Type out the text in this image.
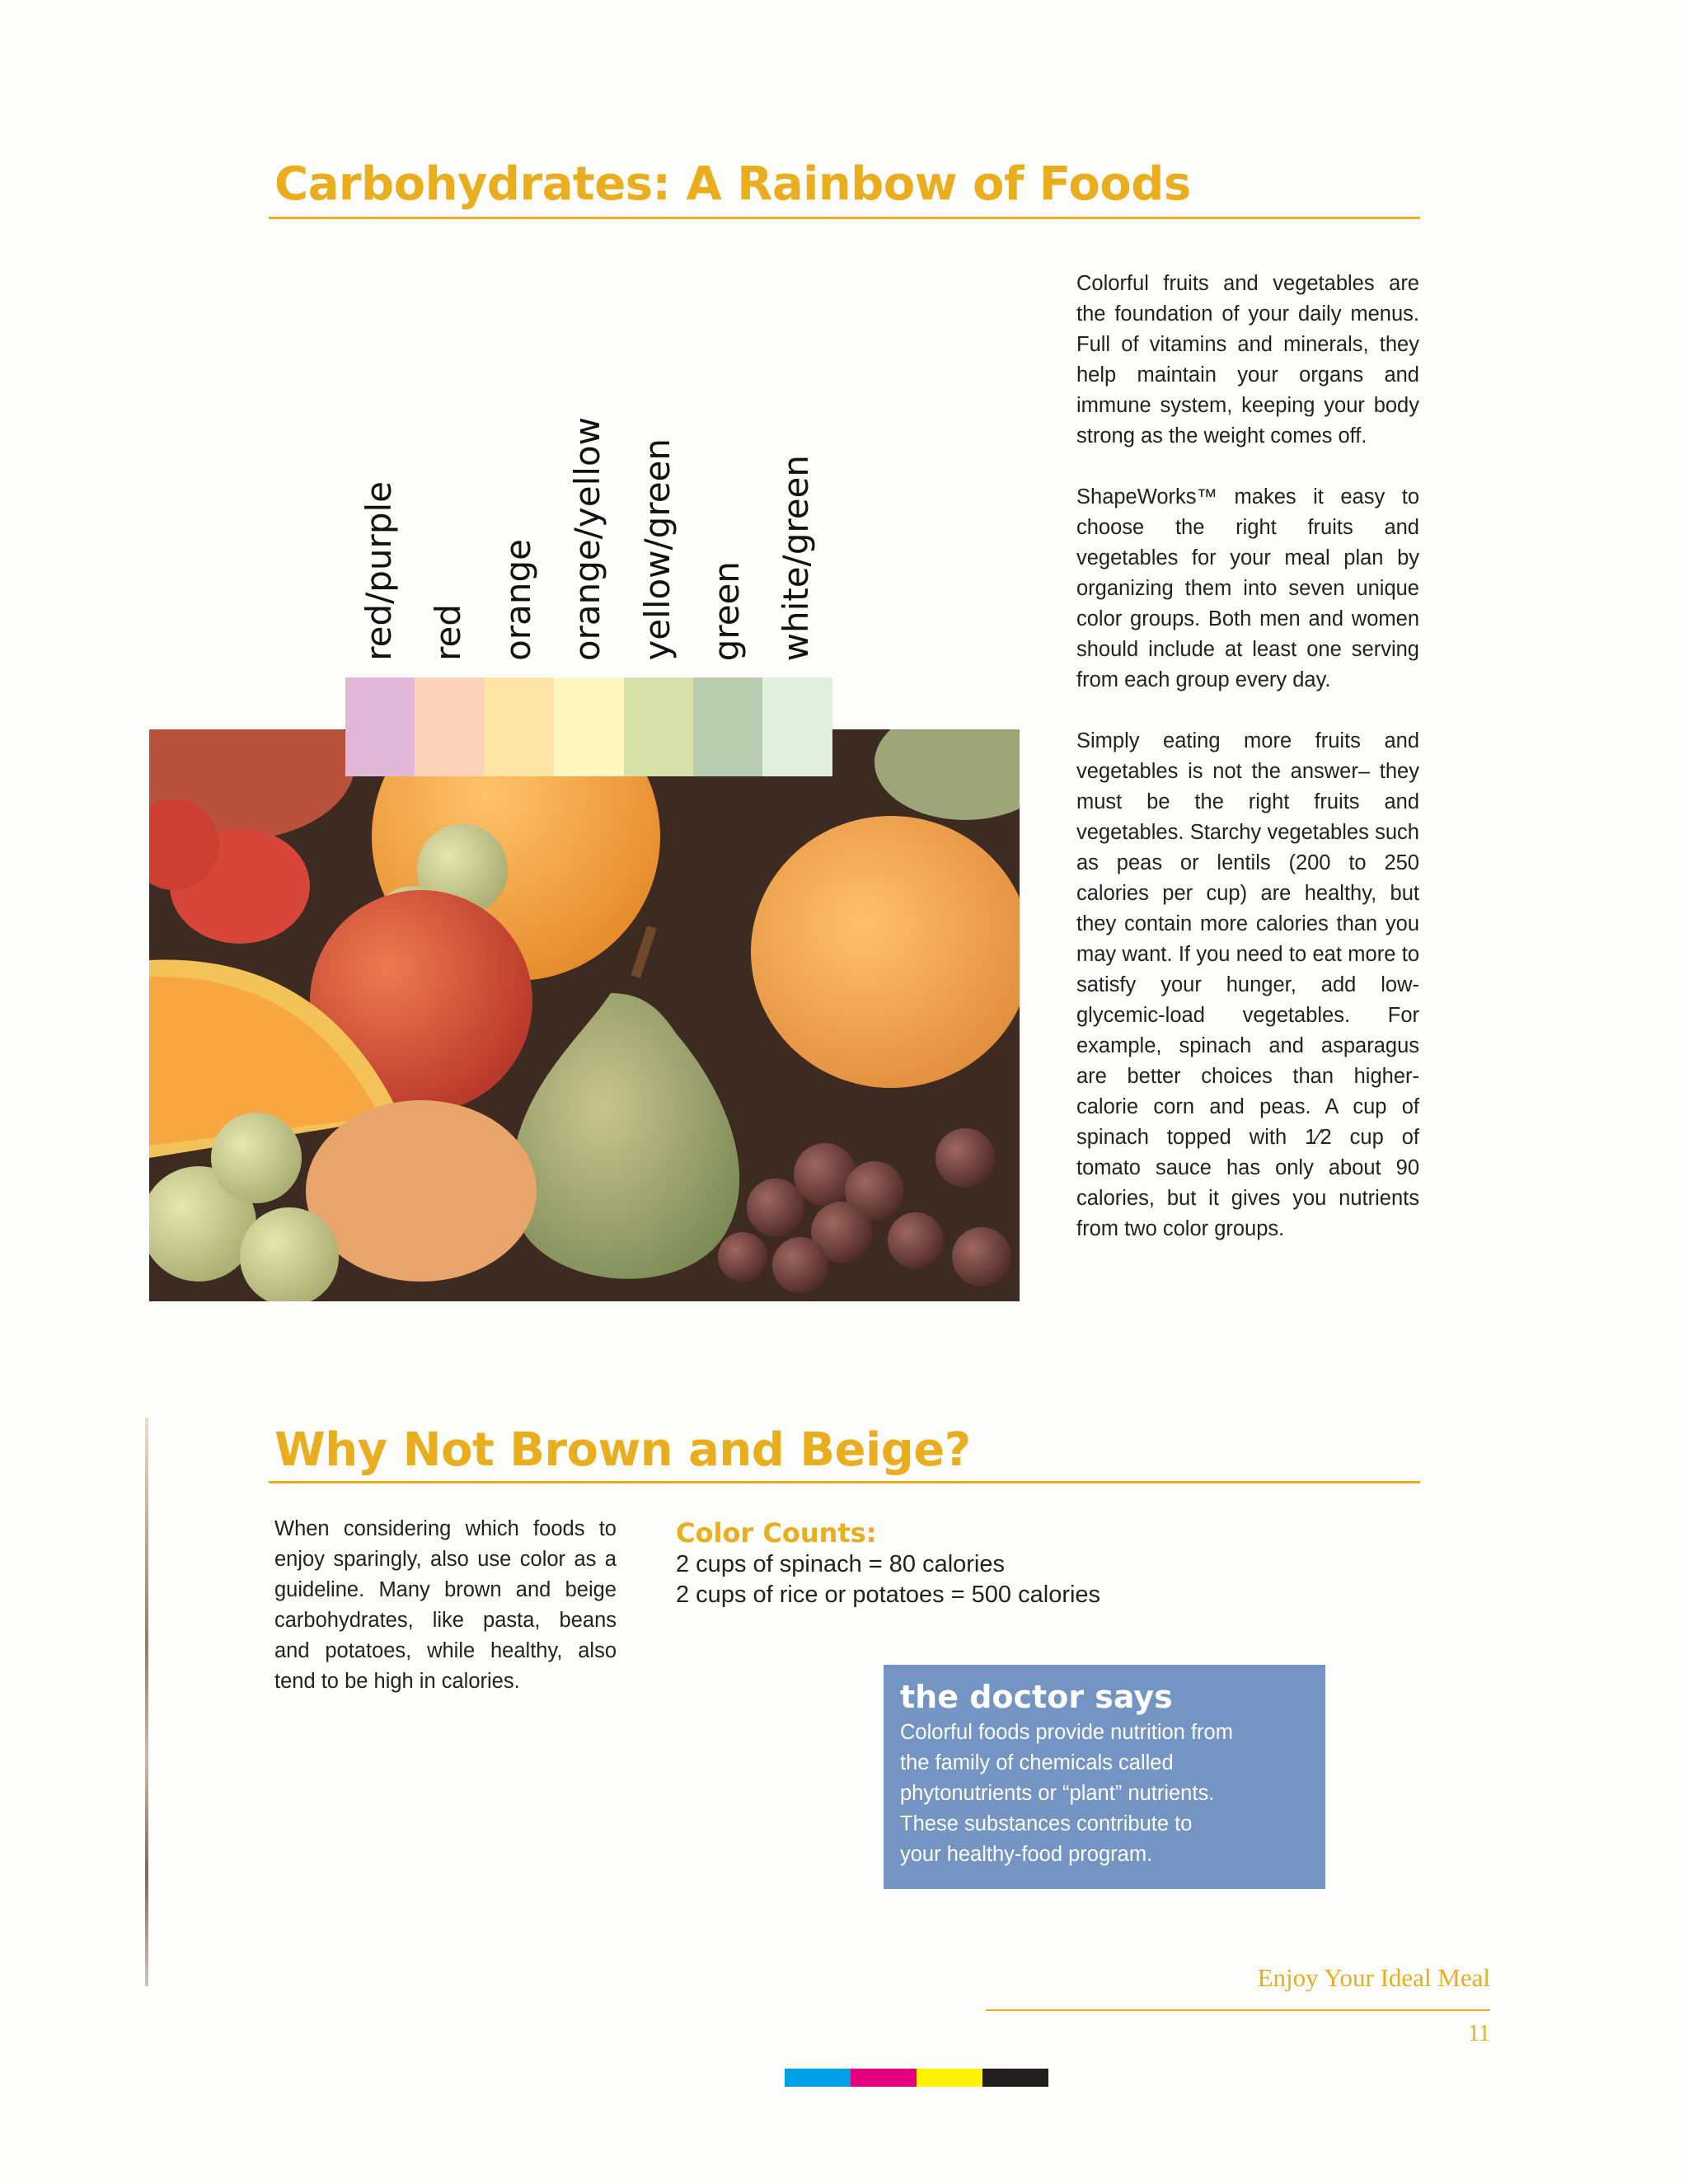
Carbohydrates: A Rainbow of Foods

Colorful fruits and vegetables are the foundation of your daily menus. Full of vitamins and minerals, they help maintain your organs and immune system, keeping your body strong as the weight comes off.

ShapeWorks™ makes it easy to choose the right fruits and vegetables for your meal plan by organizing them into seven unique color groups. Both men and women should include at least one serving from each group every day.

Simply eating more fruits and vegetables is not the answer– they must be the right fruits and vegetables. Starchy vegetables such as peas or lentils (200 to 250 calories per cup) are healthy, but they contain more calories than you may want. If you need to eat more to satisfy your hunger, add low-glycemic-load vegetables. For example, spinach and asparagus are better choices than higher-calorie corn and peas. A cup of spinach topped with 1⁄2 cup of tomato sauce has only about 90 calories, but it gives you nutrients from two color groups.

red/purple red orange orange/yellow yellow/green green white/green
Why Not Brown and Beige?

When considering which foods to enjoy sparingly, also use color as a guideline. Many brown and beige carbohydrates, like pasta, beans and potatoes, while healthy, also tend to be high in calories.

Color Counts:

2 cups of spinach = 80 calories

2 cups of rice or potatoes = 500 calories

the doctor says

Colorful foods provide nutrition from
the family of chemicals called
phytonutrients or “plant” nutrients.
These substances contribute to
your healthy-food program.

Enjoy Your Ideal Meal

11
